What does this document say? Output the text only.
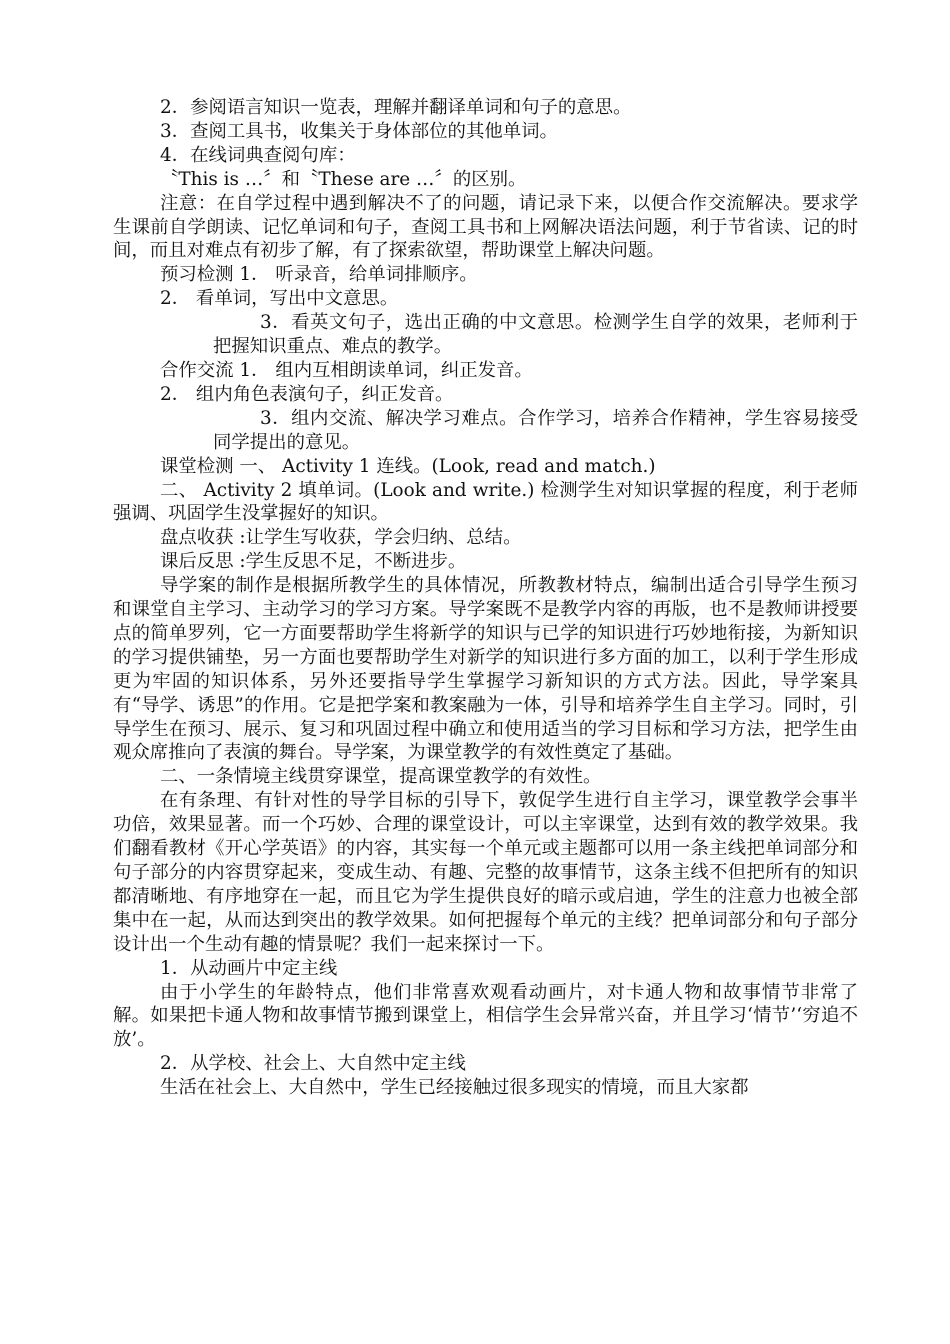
2．参阅语言知识一览表，理解并翻译单词和句子的意思。

3．查阅工具书，收集关于身体部位的其他单词。

4．在线词典查阅句库：

〝This is …〞和〝These are …〞的区别。

注意：在自学过程中遇到解决不了的问题，请记录下来，以便合作交流解决。要求学生课前自学朗读、记忆单词和句子，查阅工具书和上网解决语法问题，利于节省读、记的时间，而且对难点有初步了解，有了探索欲望，帮助课堂上解决问题。

预习检测 1． 听录音，给单词排顺序。

2． 看单词，写出中文意思。

3．看英文句子，选出正确的中文意思。检测学生自学的效果，老师利于把握知识重点、难点的教学。

合作交流 1． 组内互相朗读单词，纠正发音。

2． 组内角色表演句子，纠正发音。

3．组内交流、解决学习难点。合作学习，培养合作精神，学生容易接受同学提出的意见。

课堂检测 一、 Activity 1 连线。(Look, read and match.)

二、 Activity 2 填单词。(Look and write.) 检测学生对知识掌握的程度，利于老师强调、巩固学生没掌握好的知识。

盘点收获 :让学生写收获，学会归纳、总结。

课后反思 :学生反思不足，不断进步。

导学案的制作是根据所教学生的具体情况，所教教材特点，编制出适合引导学生预习和课堂自主学习、主动学习的学习方案。导学案既不是教学内容的再版，也不是教师讲授要点的简单罗列，它一方面要帮助学生将新学的知识与已学的知识进行巧妙地衔接，为新知识的学习提供铺垫，另一方面也要帮助学生对新学的知识进行多方面的加工，以利于学生形成更为牢固的知识体系，另外还要指导学生掌握学习新知识的方式方法。因此，导学案具有“导学、诱思”的作用。它是把学案和教案融为一体，引导和培养学生自主学习。同时，引导学生在预习、展示、复习和巩固过程中确立和使用适当的学习目标和学习方法，把学生由观众席推向了表演的舞台。导学案，为课堂教学的有效性奠定了基础。

二、一条情境主线贯穿课堂，提高课堂教学的有效性。

在有条理、有针对性的导学目标的引导下，敦促学生进行自主学习，课堂教学会事半功倍，效果显著。而一个巧妙、合理的课堂设计，可以主宰课堂，达到有效的教学效果。我们翻看教材《开心学英语》的内容，其实每一个单元或主题都可以用一条主线把单词部分和句子部分的内容贯穿起来，变成生动、有趣、完整的故事情节，这条主线不但把所有的知识都清晰地、有序地穿在一起，而且它为学生提供良好的暗示或启迪，学生的注意力也被全部集中在一起，从而达到突出的教学效果。如何把握每个单元的主线？把单词部分和句子部分设计出一个生动有趣的情景呢？我们一起来探讨一下。

1．从动画片中定主线

由于小学生的年龄特点，他们非常喜欢观看动画片，对卡通人物和故事情节非常了解。如果把卡通人物和故事情节搬到课堂上，相信学生会异常兴奋，并且学习‘情节’‘穷追不放’。

2．从学校、社会上、大自然中定主线

生活在社会上、大自然中，学生已经接触过很多现实的情境，而且大家都
